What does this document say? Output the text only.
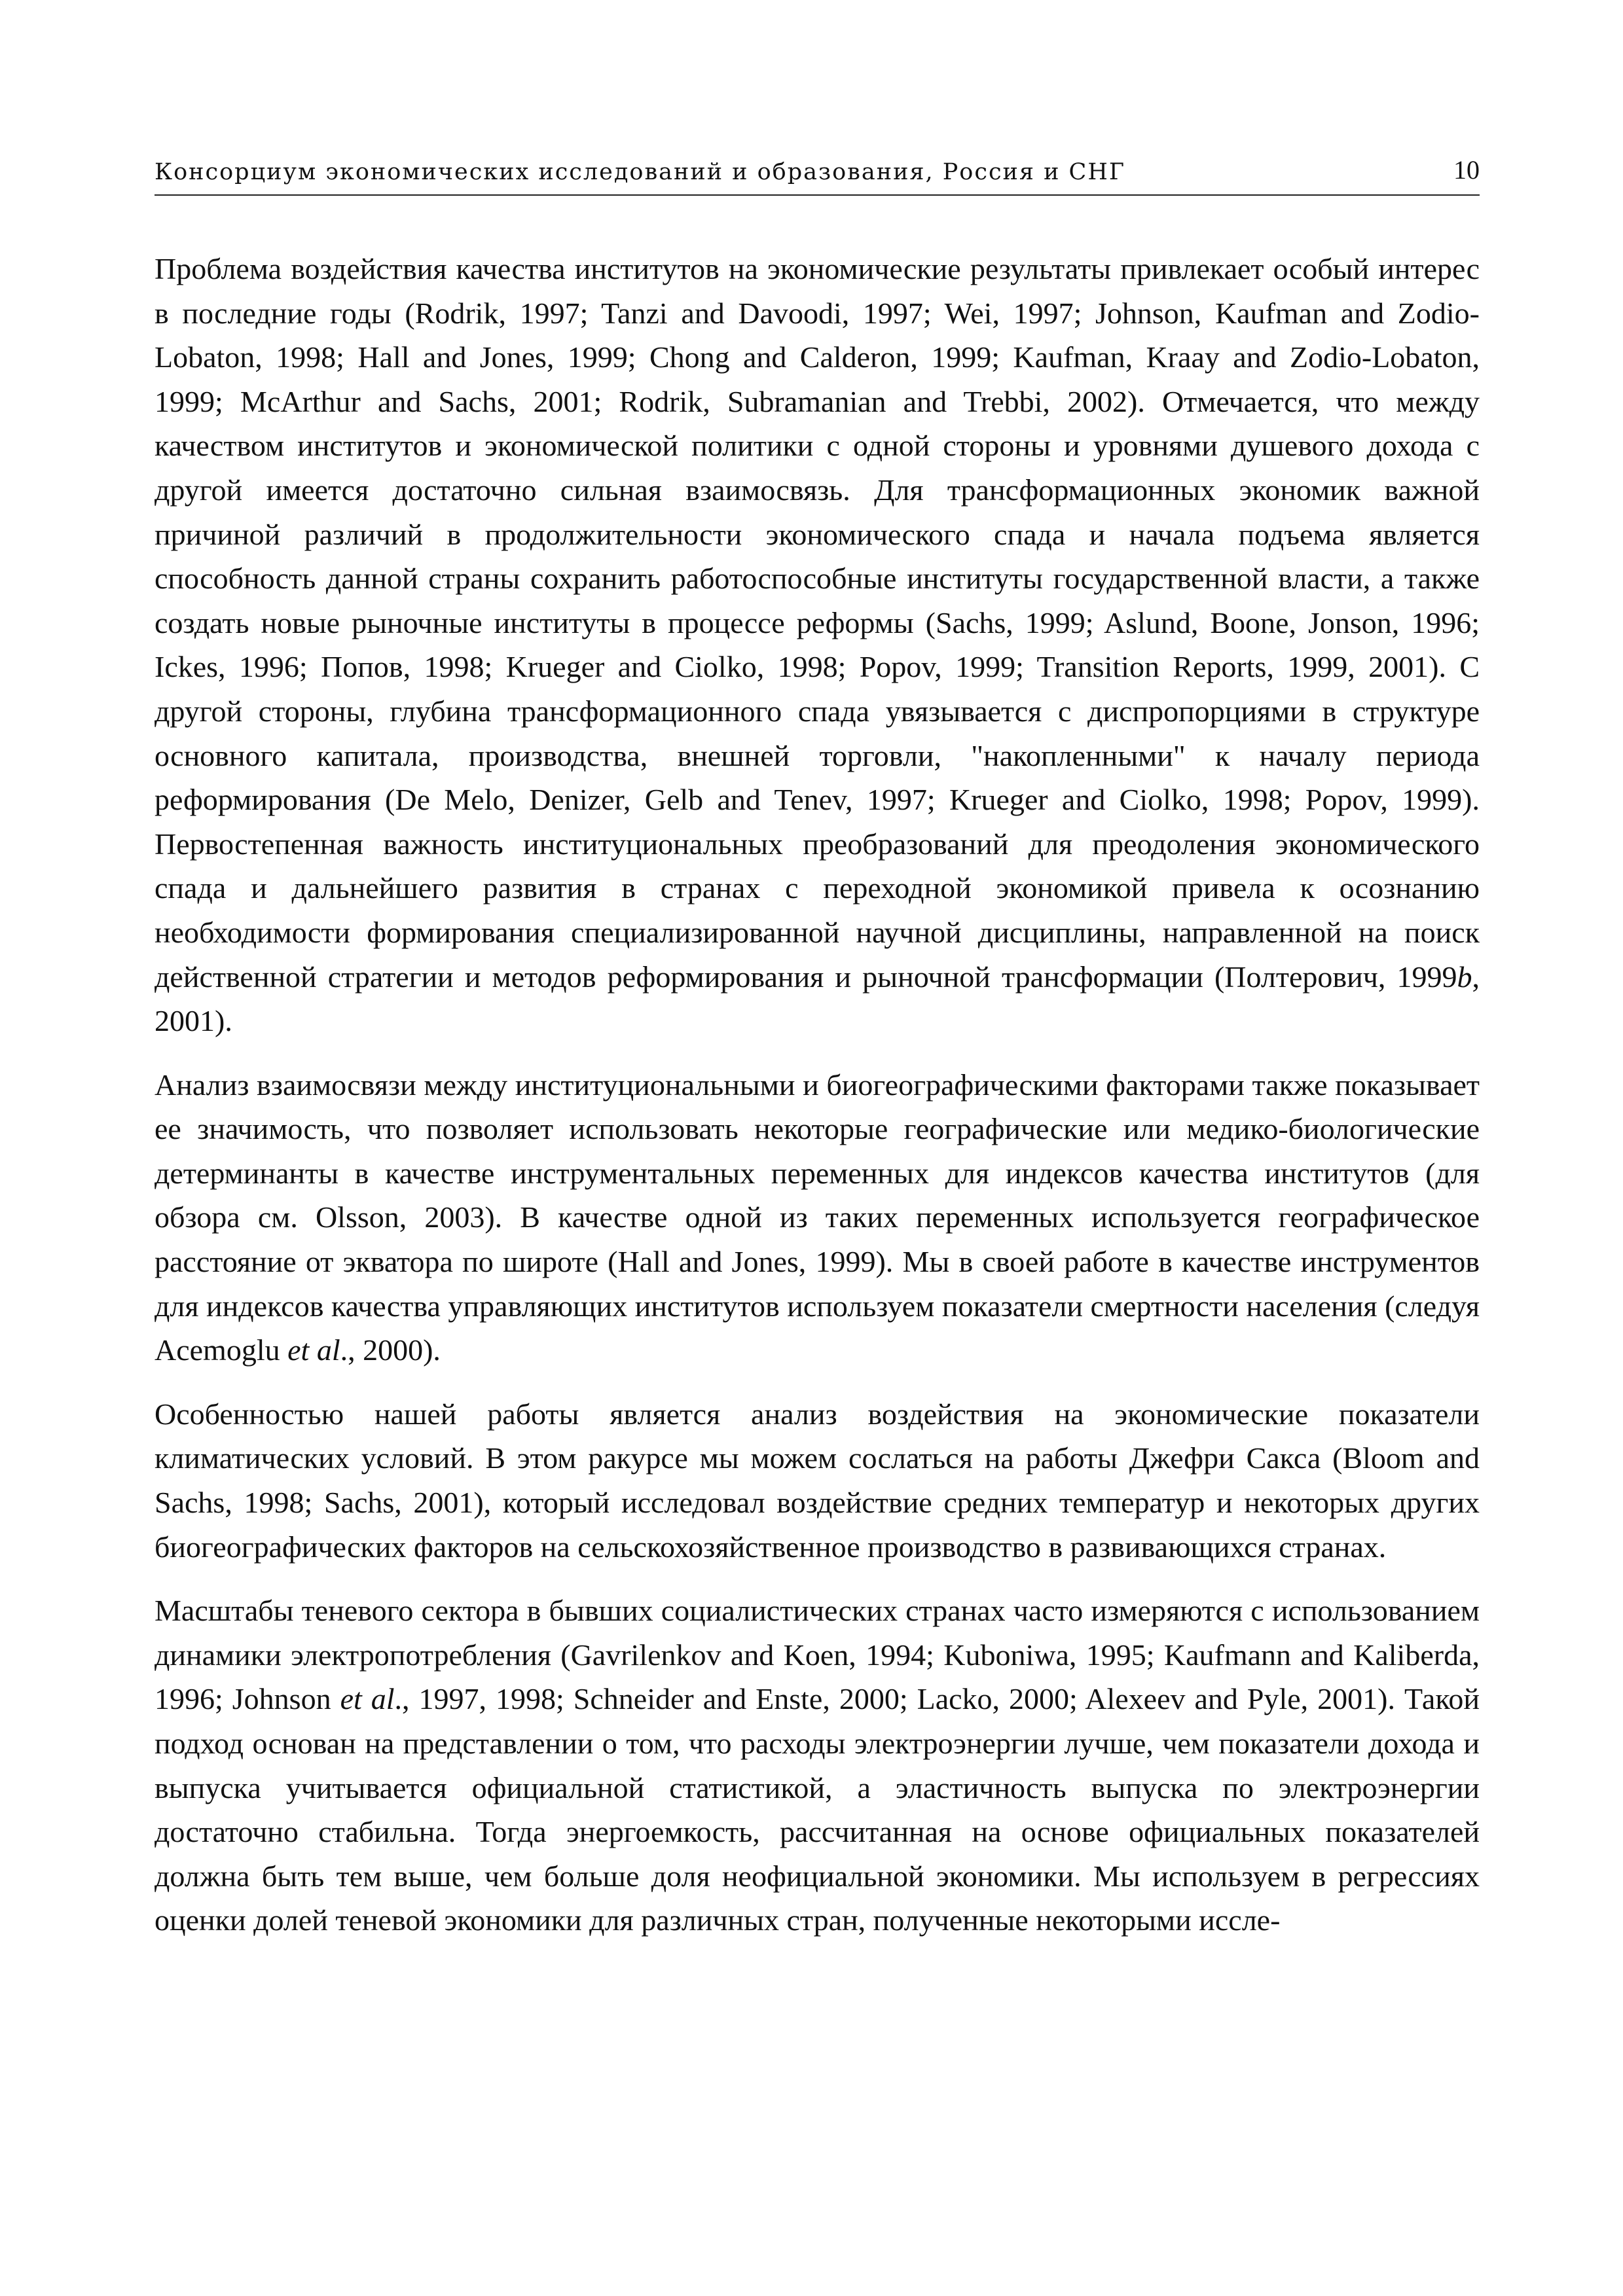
Консорциум экономических исследований и образования, Россия и СНГ	10

Проблема воздействия качества институтов на экономические результаты привлекает особый интерес в последние годы (Rodrik, 1997; Tanzi and Davoodi, 1997; Wei, 1997; Johnson, Kaufman and Zodio-Lobaton, 1998; Hall and Jones, 1999; Chong and Calderon, 1999; Kaufman, Kraay and Zodio-Lobaton, 1999; McArthur and Sachs, 2001; Rodrik, Subramanian and Trebbi, 2002). Отмечается, что между качеством институтов и экономической политики с одной стороны и уровнями душевого дохода с другой имеется достаточно сильная взаимосвязь. Для трансформационных экономик важной причиной различий в продолжительности экономического спада и начала подъема является способность данной страны сохранить работоспособные институты государственной власти, а также создать новые рыночные институты в процессе реформы (Sachs, 1999; Aslund, Boone, Jonson, 1996; Ickes, 1996; Попов, 1998; Krueger and Ciolko, 1998; Popov, 1999; Transition Reports, 1999, 2001). С другой стороны, глубина трансформационного спада увязывается с диспропорциями в структуре основного капитала, производства, внешней торговли, "накопленными" к началу периода реформирования (De Melo, Denizer, Gelb and Tenev, 1997; Krueger and Ciolko, 1998; Popov, 1999). Первостепенная важность институциональных преобразований для преодоления экономического спада и дальнейшего развития в странах с переходной экономикой привела к осознанию необходимости формирования специализированной научной дисциплины, направленной на поиск действенной стратегии и методов реформирования и рыночной трансформации (Полтерович, 1999b, 2001).

Анализ взаимосвязи между институциональными и биогеографическими факторами также показывает ее значимость, что позволяет использовать некоторые географические или медико-биологические детерминанты в качестве инструментальных переменных для индексов качества институтов (для обзора см. Olsson, 2003). В качестве одной из таких переменных используется географическое расстояние от экватора по широте (Hall and Jones, 1999). Мы в своей работе в качестве инструментов для индексов качества управляющих институтов используем показатели смертности населения (следуя Acemoglu et al., 2000).

Особенностью нашей работы является анализ воздействия на экономические показатели климатических условий. В этом ракурсе мы можем сослаться на работы Джефри Сакса (Bloom and Sachs, 1998; Sachs, 2001), который исследовал воздействие средних температур и некоторых других биогеографических факторов на сельскохозяйственное производство в развивающихся странах.

Масштабы теневого сектора в бывших социалистических странах часто измеряются с использованием динамики электропотребления (Gavrilenkov and Koen, 1994; Kuboniwa, 1995; Kaufmann and Kaliberda, 1996; Johnson et al., 1997, 1998; Schneider and Enste, 2000; Lacko, 2000; Alexeev and Pyle, 2001). Такой подход основан на представлении о том, что расходы электроэнергии лучше, чем показатели дохода и выпуска учитывается официальной статистикой, а эластичность выпуска по электроэнергии достаточно стабильна. Тогда энергоемкость, рассчитанная на основе официальных показателей должна быть тем выше, чем больше доля неофициальной экономики. Мы используем в регрессиях оценки долей теневой экономики для различных стран, полученные некоторыми иссле-
